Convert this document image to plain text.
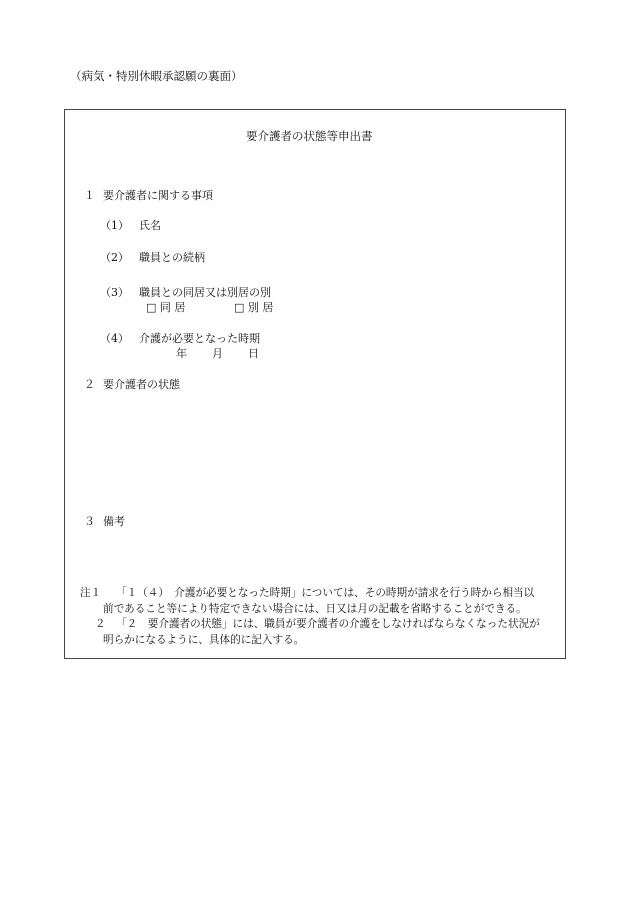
（病気・特別休暇承認願の裏面）
要介護者の状態等申出書
１ 要介護者に関する事項
（1） 氏名
（2） 職員との続柄
（3） 職員との同居又は別居の別
□ 同 居	□ 別 居
（4） 介護が必要となった時期
年 月 日
２ 要介護者の状態
３ 備考
注１ 「１（４）　介護が必要となった時期」については、その時期が請求を行う時から相当以
前であること等により特定できない場合には、日又は月の記載を省略することができる。
２ 「２　要介護者の状態」には、職員が要介護者の介護をしなければならなくなった状況が
明らかになるように、具体的に記入する。
